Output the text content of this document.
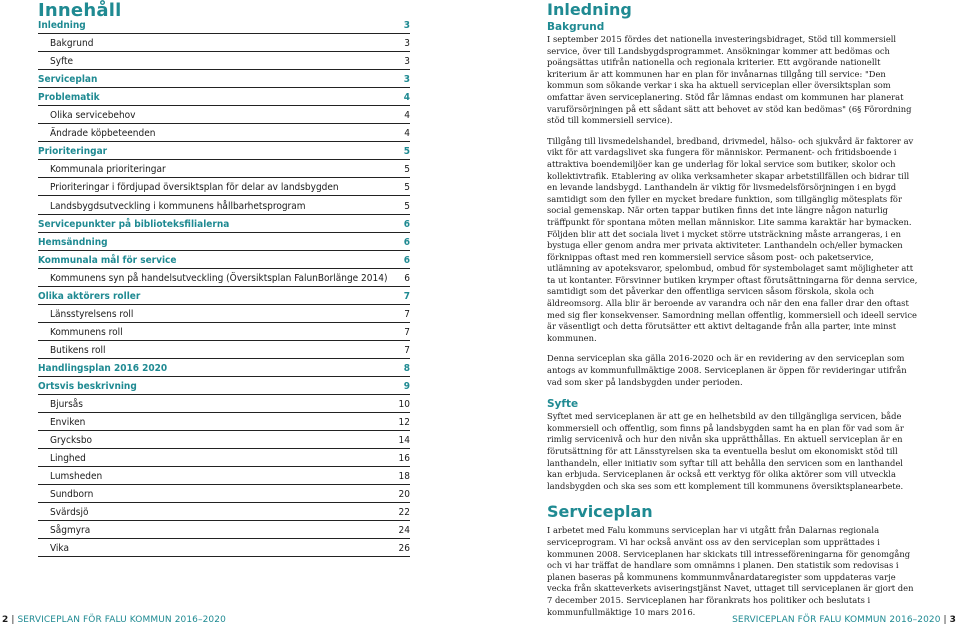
Innehåll
Inledning	3
Bakgrund	3
Syfte	3
Serviceplan	3
Problematik	4
Olika servicebehov	4
Ändrade köpbeteenden	4
Prioriteringar	5
Kommunala prioriteringar	5
Prioriteringar i fördjupad översiktsplan för delar av landsbygden	5
Landsbygdsutveckling i kommunens hållbarhetsprogram	5
Servicepunkter på biblioteksfilialerna	6
Hemsändning	6
Kommunala mål för service	6
Kommunens syn på handelsutveckling (Översiktsplan FalunBorlänge 2014) 6
Olika aktörers roller	7
Länsstyrelsens roll	7
Kommunens roll	7
Butikens roll	7
Handlingsplan 2016 2020	8
Ortsvis beskrivning	9
Bjursås	10
Enviken	12
Grycksbo	14
Linghed	16
Lumsheden	18
Sundborn	20
Svärdsjö	22
Sågmyra	24
Vika	26
Inledning
Bakgrund

I september 2015 fördes det nationella investeringsbidraget, Stöd till kommersiell service, över till Landsbygdsprogrammet. Ansökningar kommer att bedömas och poängsättas utifrån nationella och regionala kriterier. Ett avgörande nationellt kriterium är att kommunen har en plan för invånarnas tillgång till service: "Den kommun som sökande verkar i ska ha aktuell serviceplan eller översiktsplan som omfattar även serviceplanering. Stöd får lämnas endast om kommunen har planerat varuförsörjningen på ett sådant sätt att behovet av stöd kan bedömas" (6§ Förordning stöd till kommersiell service).

Tillgång till livsmedelshandel, bredband, drivmedel, hälso- och sjukvård är faktorer av vikt för att vardagslivet ska fungera för människor. Permanent- och fritidsboende i attraktiva boendemiljöer kan ge underlag för lokal service som butiker, skolor och kollektivtrafik. Etablering av olika verksamheter skapar arbetstillfällen och bidrar till en levande landsbygd. Lanthandeln är viktig för livsmedelsförsörjningen i en bygd samtidigt som den fyller en mycket bredare funktion, som tillgänglig mötesplats för social gemenskap. När orten tappar butiken finns det inte längre någon naturlig träffpunkt för spontana möten mellan människor. Lite samma karaktär har bymacken. Följden blir att det sociala livet i mycket större utsträckning måste arrangeras, i en bystuga eller genom andra mer privata aktiviteter. Lanthandeln och/eller bymacken förknippas oftast med ren kommersiell service såsom post- och paketservice, utlämning av apoteksvaror, spelombud, ombud för systembolaget samt möjligheter att ta ut kontanter. Försvinner butiken krymper oftast förutsättningarna för denna service, samtidigt som det påverkar den offentliga servicen såsom förskola, skola och äldreomsorg. Alla blir är beroende av varandra och när den ena faller drar den oftast med sig fler konsekvenser. Samordning mellan offentlig, kommersiell och ideell service är väsentligt och detta förutsätter ett aktivt deltagande från alla parter, inte minst kommunen.

Denna serviceplan ska gälla 2016-2020 och är en revidering av den serviceplan som antogs av kommunfullmäktige 2008. Serviceplanen är öppen för revideringar utifrån vad som sker på landsbygden under perioden.

Syfte

Syftet med serviceplanen är att ge en helhetsbild av den tillgängliga servicen, både kommersiell och offentlig, som finns på landsbygden samt ha en plan för vad som är rimlig servicenivå och hur den nivån ska upprätthållas. En aktuell serviceplan är en förutsättning för att Länsstyrelsen ska ta eventuella beslut om ekonomiskt stöd till lanthandeln, eller initiativ som syftar till att behålla den servicen som en lanthandel kan erbjuda. Serviceplanen är också ett verktyg för olika aktörer som vill utveckla landsbygden och ska ses som ett komplement till kommunens översiktsplanearbete.

Serviceplan

I arbetet med Falu kommuns serviceplan har vi utgått från Dalarnas regionala serviceprogram. Vi har också använt oss av den serviceplan som upprättades i kommunen 2008. Serviceplanen har skickats till intresseföreningarna för genomgång och vi har träffat de handlare som omnämns i planen. Den statistik som redovisas i planen baseras på kommunens kommunmvånardataregister som uppdateras varje vecka från skatteverkets aviseringstjänst Navet, uttaget till serviceplanen är gjort den 7 december 2015. Serviceplanen har förankrats hos politiker och beslutats i kommunfullmäktige 10 mars 2016.

2 | SERVICEPLAN FÖR FALU KOMMUN 2016–2020	SERVICEPLAN FÖR FALU KOMMUN 2016–2020 | 3
